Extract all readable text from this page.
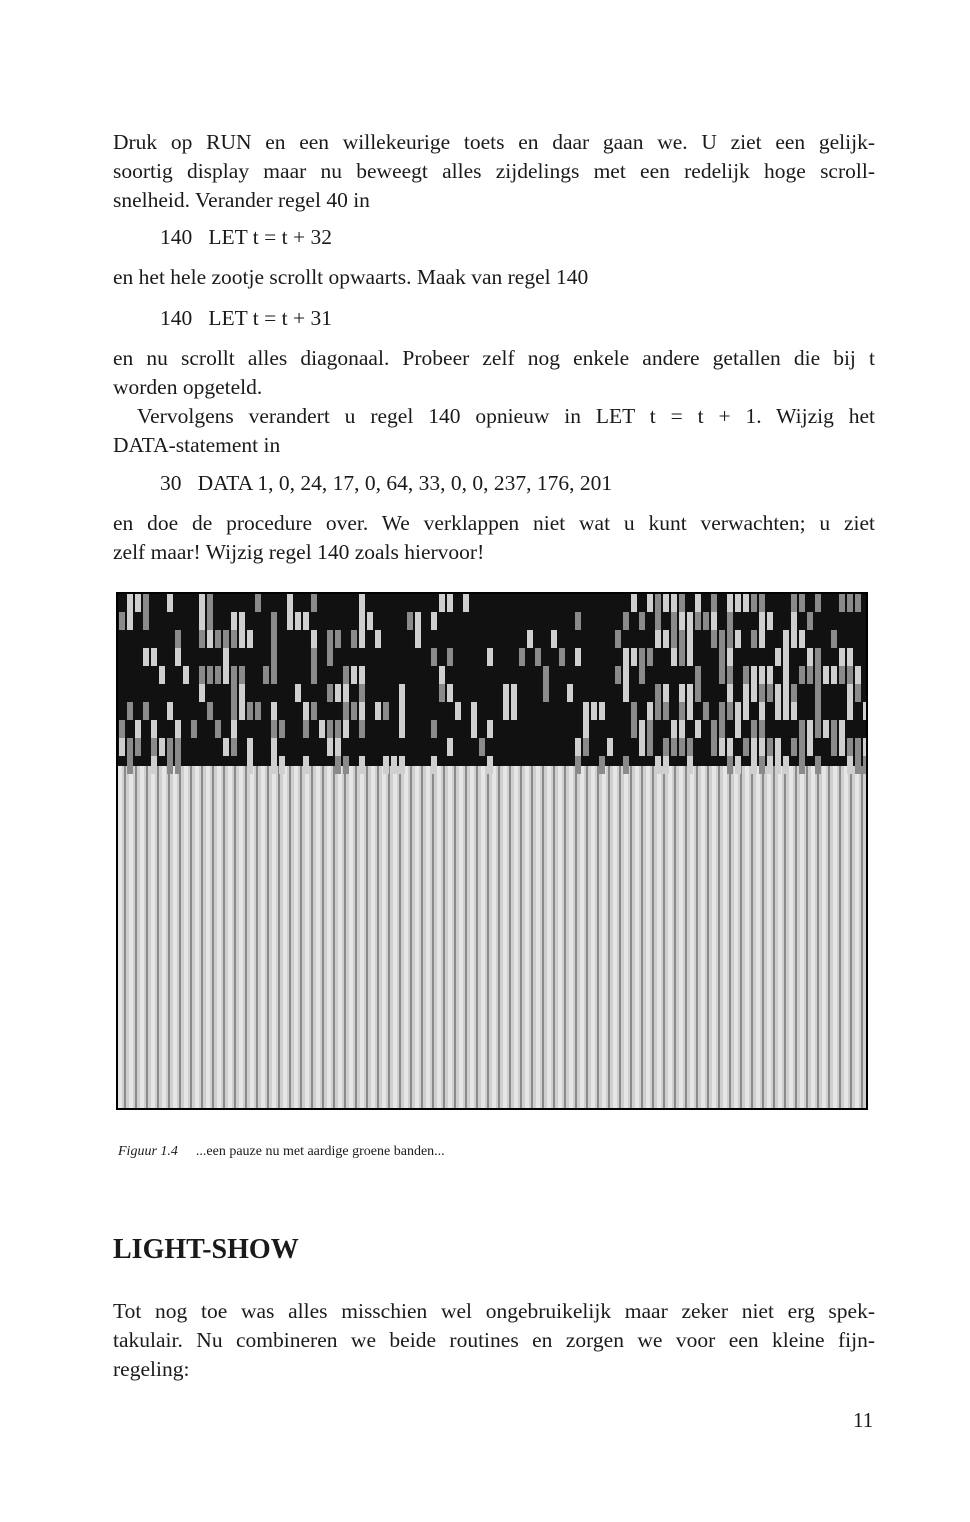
Druk op RUN en een willekeurige toets en daar gaan we. U ziet een gelijk-
soortig display maar nu beweegt alles zijdelings met een redelijk hoge scroll-
snelheid. Verander regel 40 in

140   LET t = t + 32

en het hele zootje scrollt opwaarts. Maak van regel 140

140   LET t = t + 31

en nu scrollt alles diagonaal. Probeer zelf nog enkele andere getallen die bij t
worden opgeteld.

Vervolgens verandert u regel 140 opnieuw in LET t = t + 1. Wijzig het
DATA-statement in

30   DATA 1, 0, 24, 17, 0, 64, 33, 0, 0, 237, 176, 201

en doe de procedure over. We verklappen niet wat u kunt verwachten; u ziet
zelf maar! Wijzig regel 140 zoals hiervoor!

Figuur 1.4 ...een pauze nu met aardige groene banden...
LIGHT-SHOW

Tot nog toe was alles misschien wel ongebruikelijk maar zeker niet erg spek-
takulair. Nu combineren we beide routines en zorgen we voor een kleine fijn-
regeling:

11
